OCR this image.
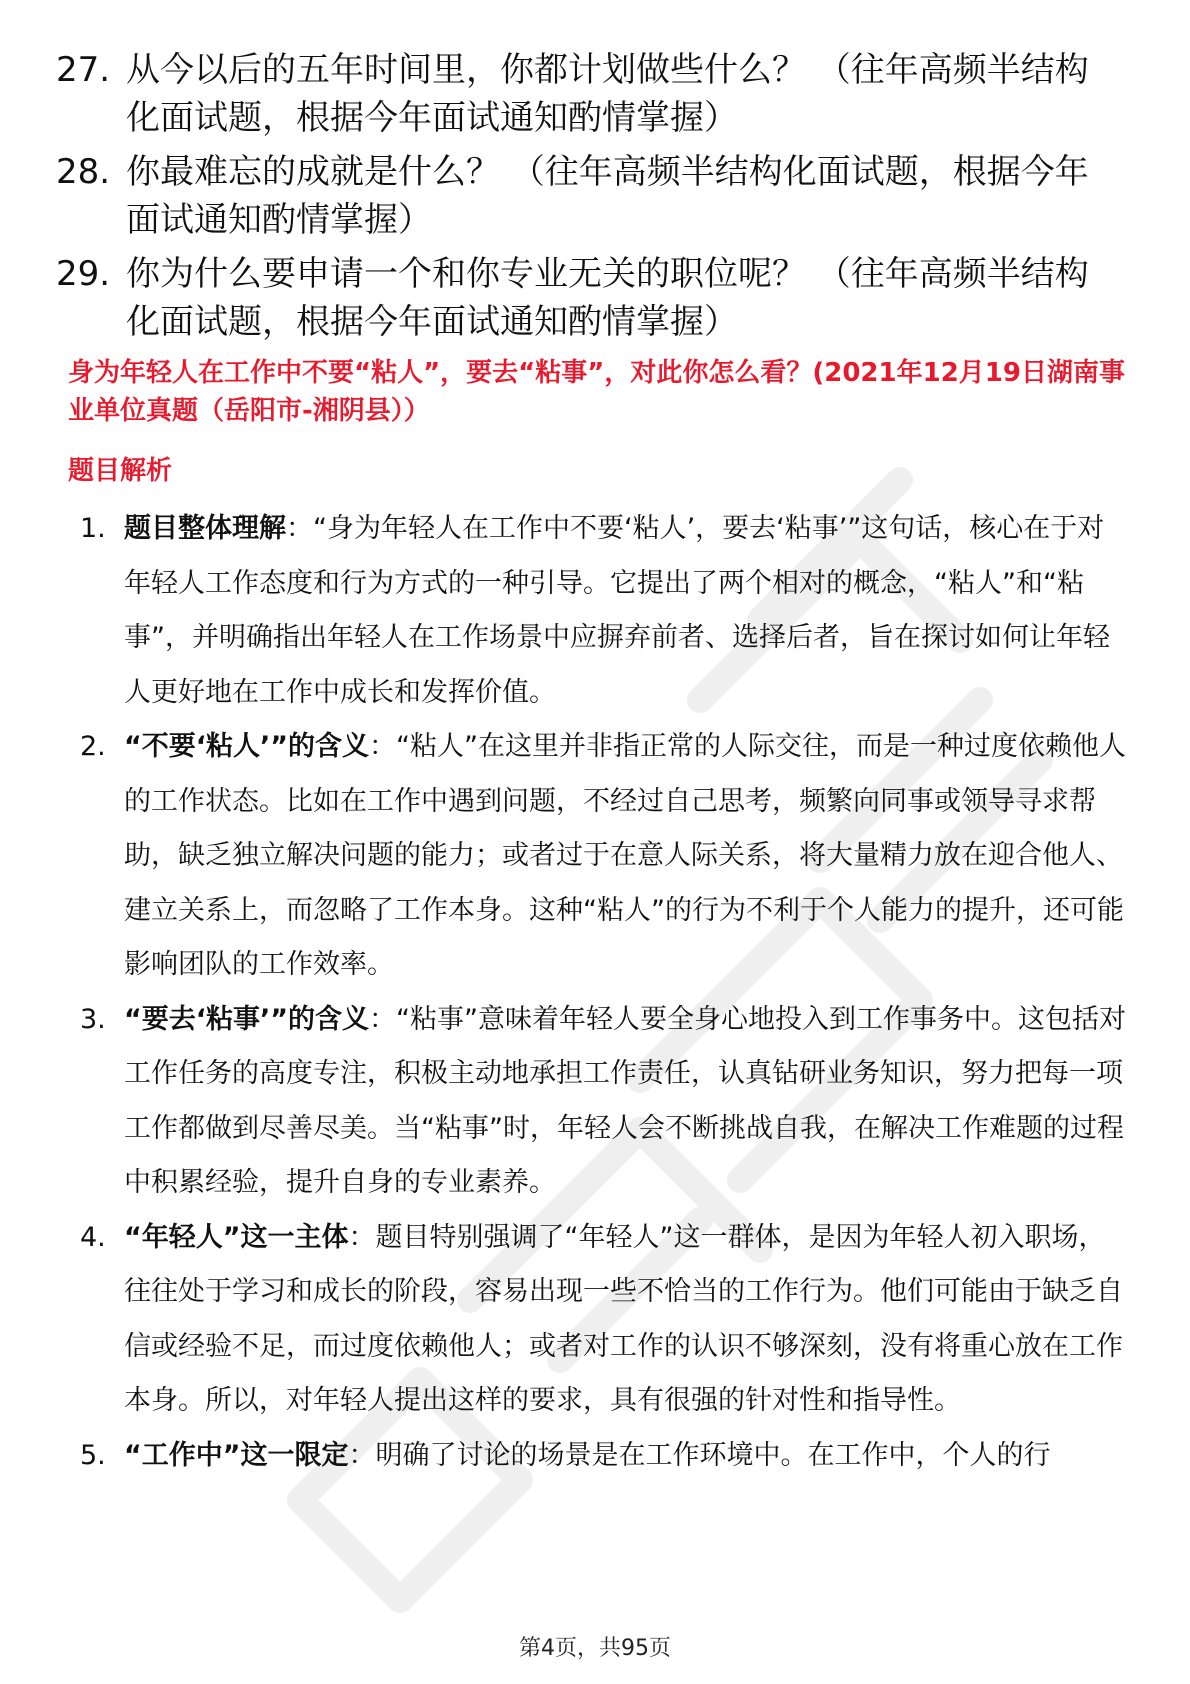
27. 从今以后的五年时间里，你都计划做些什么？ （往年高频半结构化面试题，根据今年面试通知酌情掌握）
28. 你最难忘的成就是什么？ （往年高频半结构化面试题，根据今年面试通知酌情掌握）
29. 你为什么要申请一个和你专业无关的职位呢？ （往年高频半结构化面试题，根据今年面试通知酌情掌握）
身为年轻人在工作中不要“粘人”，要去“粘事”，对此你怎么看？(2021年12月19日湖南事业单位真题（岳阳市-湘阴县））
题目解析
1. 题目整体理解：“身为年轻人在工作中不要‘粘人’，要去‘粘事’”这句话，核心在于对年轻人工作态度和行为方式的一种引导。它提出了两个相对的概念，“粘人”和“粘事”，并明确指出年轻人在工作场景中应摒弃前者、选择后者，旨在探讨如何让年轻人更好地在工作中成长和发挥价值。
2. “不要‘粘人’”的含义：“粘人”在这里并非指正常的人际交往，而是一种过度依赖他人的工作状态。比如在工作中遇到问题，不经过自己思考，频繁向同事或领导寻求帮助，缺乏独立解决问题的能力；或者过于在意人际关系，将大量精力放在迎合他人、建立关系上，而忽略了工作本身。这种“粘人”的行为不利于个人能力的提升，还可能影响团队的工作效率。
3. “要去‘粘事’”的含义：“粘事”意味着年轻人要全身心地投入到工作事务中。这包括对工作任务的高度专注，积极主动地承担工作责任，认真钻研业务知识，努力把每一项工作都做到尽善尽美。当“粘事”时，年轻人会不断挑战自我，在解决工作难题的过程中积累经验，提升自身的专业素养。
4. “年轻人”这一主体：题目特别强调了“年轻人”这一群体，是因为年轻人初入职场，往往处于学习和成长的阶段，容易出现一些不恰当的工作行为。他们可能由于缺乏自信或经验不足，而过度依赖他人；或者对工作的认识不够深刻，没有将重心放在工作本身。所以，对年轻人提出这样的要求，具有很强的针对性和指导性。
5. “工作中”这一限定：明确了讨论的场景是在工作环境中。在工作中，个人的行
第4页，共95页
